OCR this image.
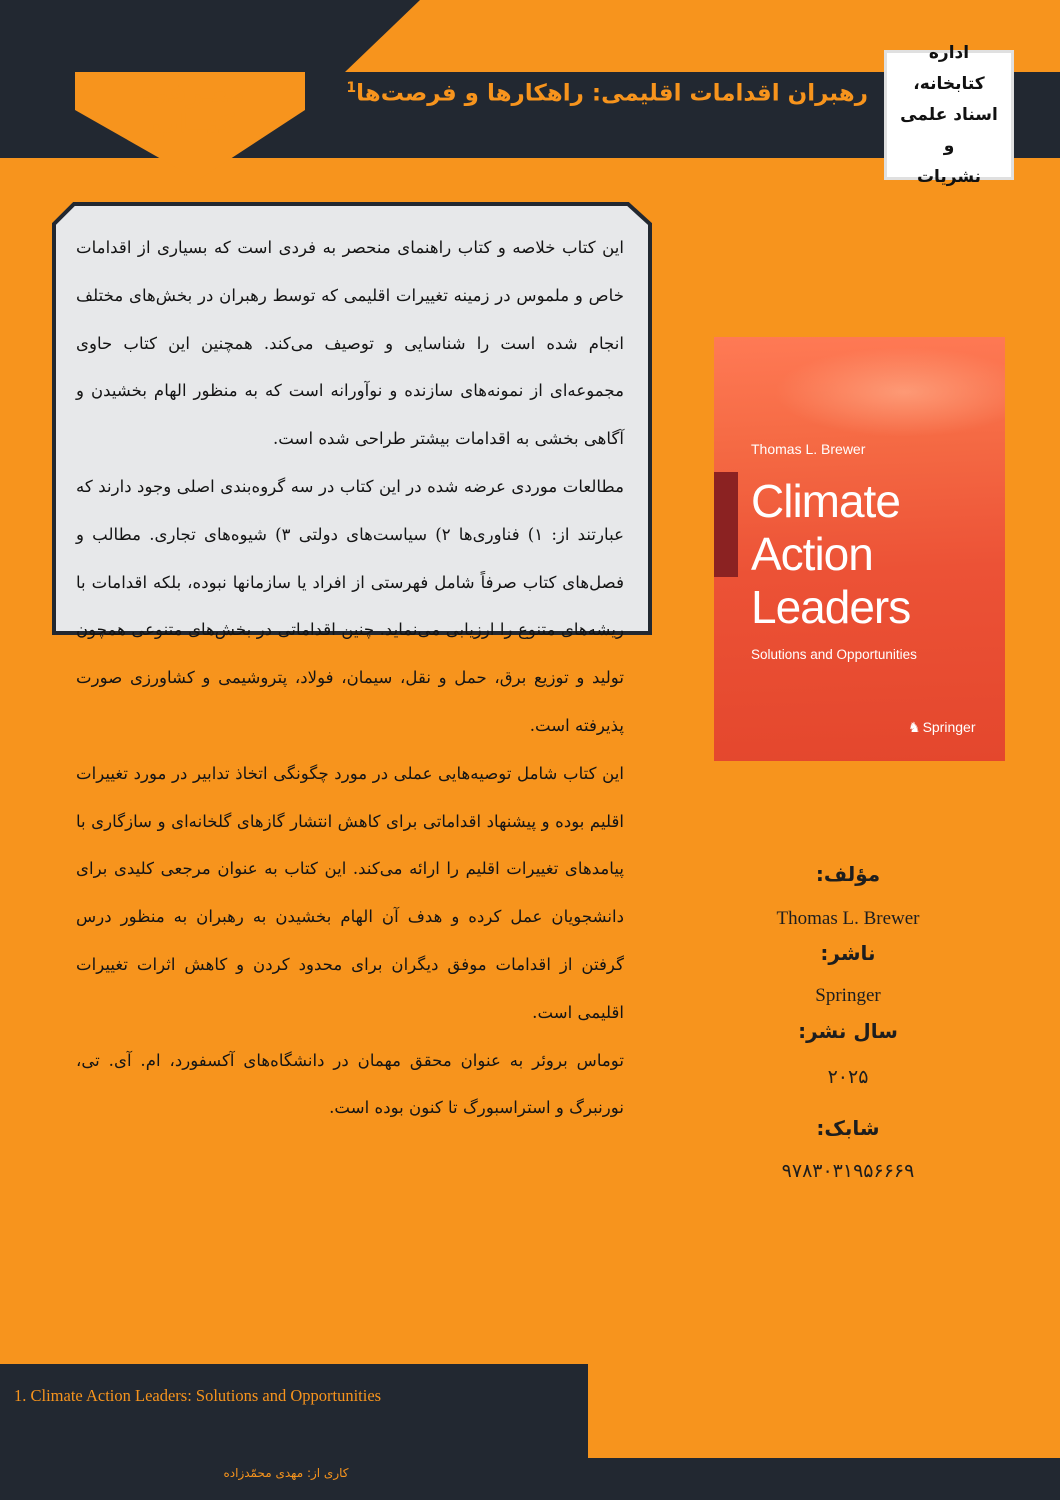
معـرفی کتــاب
رهبران اقدامات اقلیمی: راهکارها و فرصت‌ها$^1$
اداره کتابخانه،
اسناد علمی و
نشریات

این کتاب خلاصه و کتاب راهنمای منحصر به فردی است که بسیاری از اقدامات خاص و ملموس در زمینه تغییرات اقلیمی که توسط رهبران در بخش‌های مختلف انجام شده است را شناسایی و توصیف می‌کند. همچنین این کتاب حاوی مجموعه‌ای از نمونه‌های سازنده و نوآورانه است که به منظور الهام بخشیدن و آگاهی بخشی به اقدامات بیشتر طراحی شده است.

مطالعات موردی عرضه شده در این کتاب در سه گروه‌بندی اصلی وجود دارند که عبارتند از: ۱) فناوری‌ها ۲) سیاست‌های دولتی ۳) شیوه‌های تجاری. مطالب و فصل‌های کتاب صرفاً شامل فهرستی از افراد یا سازمانها نبوده، بلکه اقدامات با ریشه‌های متنوع را ارزیابی می‌نماید. چنین اقداماتی در بخش‌های متنوعی همچون تولید و توزیع برق، حمل و نقل، سیمان، فولاد، پتروشیمی و کشاورزی صورت پذیرفته است.

این کتاب شامل توصیه‌هایی عملی در مورد چگونگی اتخاذ تدابیر در مورد تغییرات اقلیم بوده و پیشنهاد اقداماتی برای کاهش انتشار گازهای گلخانه‌ای و سازگاری با پیامدهای تغییرات اقلیم را ارائه می‌کند. این کتاب به عنوان مرجعی کلیدی برای دانشجویان عمل کرده و هدف آن الهام بخشیدن به رهبران به منظور درس گرفتن از اقدامات موفق دیگران برای محدود کردن و کاهش اثرات تغییرات اقلیمی است.

توماس بروئر به عنوان محقق مهمان در دانشگاه‌های آکسفورد، ام. آی. تی، نورنبرگ و استراسبورگ تا کنون بوده است.

Thomas L. Brewer
Climate
Action
Leaders
Solutions and Opportunities
♞ Springer
مؤلف:
Thomas L. Brewer
ناشر:
Springer
سال نشر:
۲۰۲۵
شابک:
۹۷۸۳۰۳۱۹۵۶۶۶۹
1. Climate Action Leaders: Solutions and Opportunities
کاری از: مهدی محمّدزاده
